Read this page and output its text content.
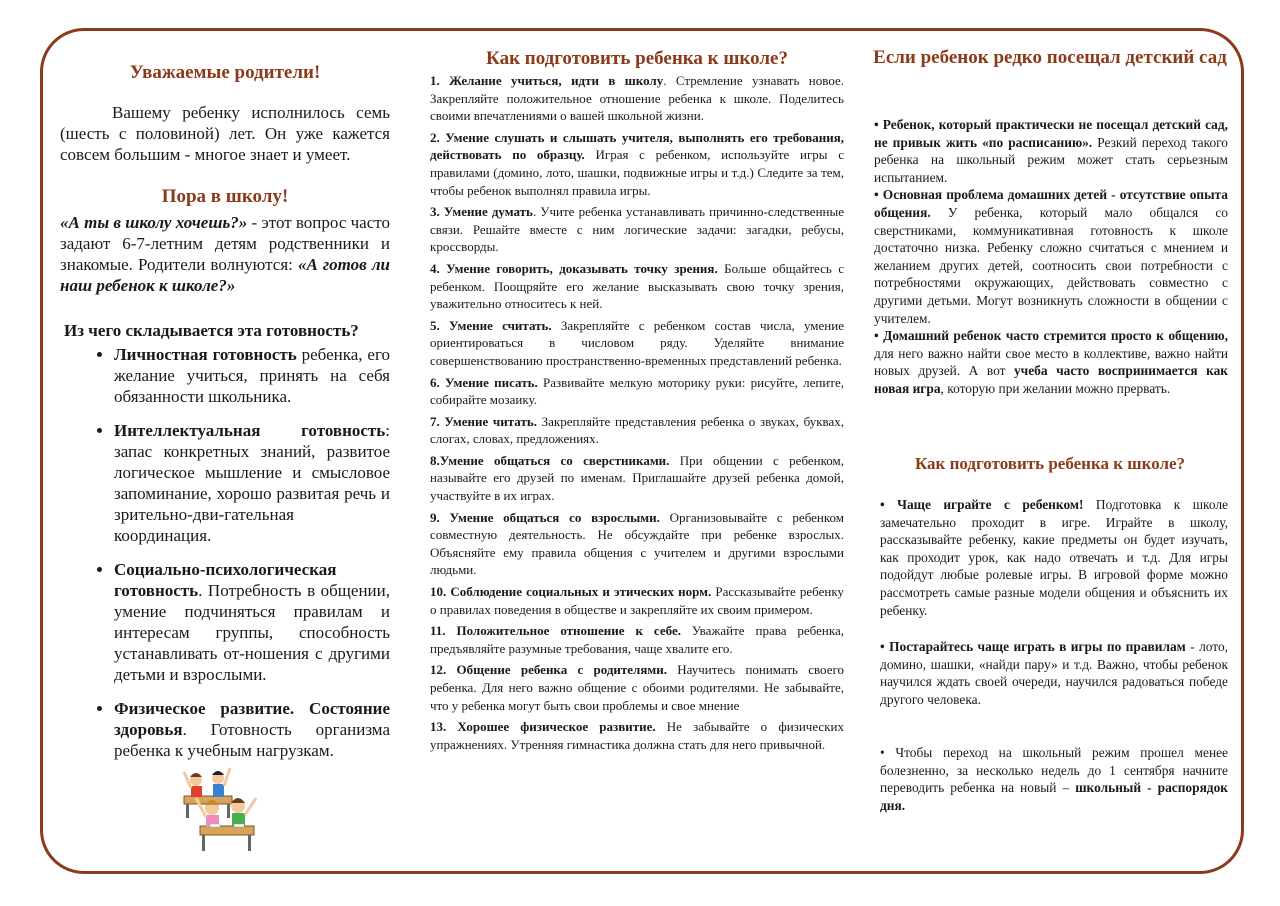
Уважаемые родители!
Вашему ребенку исполнилось семь (шесть с половиной) лет. Он уже кажется совсем большим - многое знает и умеет.
Пора в школу!
«А ты в школу хочешь?» - этот вопрос часто задают 6-7-летним детям родственники и знакомые. Родители волнуются: «А готов ли наш ребенок к школе?»
Из чего складывается эта готовность?
• Личностная готовность ребенка, его желание учиться, принять на себя обязанности школьника.
• Интеллектуальная готовность: запас конкретных знаний, развитое логическое мышление и смысловое запоминание, хорошо развитая речь и зрительно-дви-гательная координация.
• Социально-психологическая готовность. Потребность в общении, умение подчиняться правилам и интересам группы, способность устанавливать от-ношения с другими детьми и взрослыми.
• Физическое развитие. Состояние здоровья. Готовность организма ребенка к учебным нагрузкам.
Как подготовить ребенка к школе?

1. Желание учиться, идти в школу. Стремление узнавать новое. Закрепляйте положительное отношение ребенка к школе. Поделитесь своими впечатлениями о вашей школьной жизни.

2. Умение слушать и слышать учителя, выполнять его требования, действовать по образцу. Играя с ребенком, используйте игры с правилами (домино, лото, шашки, подвижные игры и т.д.) Следите за тем, чтобы ребенок выполнял правила игры.

3. Умение думать. Учите ребенка устанавливать причинно-следственные связи. Решайте вместе с ним логические задачи: загадки, ребусы, кроссворды.

4. Умение говорить, доказывать точку зрения. Больше общайтесь с ребенком. Поощряйте его желание высказывать свою точку зрения, уважительно относитесь к ней.

5. Умение считать. Закрепляйте с ребенком состав числа, умение ориентироваться в числовом ряду. Уделяйте внимание совершенствованию пространственно-временных представлений ребенка.

6. Умение писать. Развивайте мелкую моторику руки: рисуйте, лепите, собирайте мозаику.

7. Умение читать. Закрепляйте представления ребенка о звуках, буквах, слогах, словах, предложениях.

8.Умение общаться со сверстниками. При общении с ребенком, называйте его друзей по именам. Приглашайте друзей ребенка домой, участвуйте в их играх.

9. Умение общаться со взрослыми. Организовывайте с ребенком совместную деятельность. Не обсуждайте при ребенке взрослых. Объясняйте ему правила общения с учителем и другими взрослыми людьми.

10. Соблюдение социальных и этических норм. Рассказывайте ребенку о правилах поведения в обществе и закрепляйте их своим примером.

11. Положительное отношение к себе. Уважайте права ребенка, предъявляйте разумные требования, чаще хвалите его.

12. Общение ребенка с родителями. Научитесь понимать своего ребенка. Для него важно общение с обоими родителями. Не забывайте, что у ребенка могут быть свои проблемы и свое мнение

13. Хорошее физическое развитие. Не забывайте о физических упражнениях. Утренняя гимнастика должна стать для него привычной.

Если ребенок редко посещал детский сад

• Ребенок, который практически не посещал детский сад, не привык жить «по расписанию». Резкий переход такого ребенка на школьный режим может стать серьезным испытанием.

• Основная проблема домашних детей - отсутствие опыта общения. У ребенка, который мало общался со сверстниками, коммуникативная готовность к школе достаточно низка. Ребенку сложно считаться с мнением и желанием других детей, соотносить свои потребности с потребностями окружающих, действовать совместно с другими детьми. Могут возникнуть сложности в общении с учителем.

• Домашний ребенок часто стремится просто к общению, для него важно найти свое место в коллективе, важно найти новых друзей. А вот учеба часто воспринимается как новая игра, которую при желании можно прервать.

Как подготовить ребенка к школе?

• Чаще играйте с ребенком! Подготовка к школе замечательно проходит в игре. Играйте в школу, рассказывайте ребенку, какие предметы он будет изучать, как проходит урок, как надо отвечать и т.д. Для игры подойдут любые ролевые игры. В игровой форме можно рассмотреть самые разные модели общения и объяснить их ребенку.

• Постарайтесь чаще играть в игры по правилам - лото, домино, шашки, «найди пару» и т.д. Важно, чтобы ребенок научился ждать своей очереди, научился радоваться победе другого человека.

• Чтобы переход на школьный режим прошел менее болезненно, за несколько недель до 1 сентября начните переводить ребенка на новый – школьный - распорядок дня.
